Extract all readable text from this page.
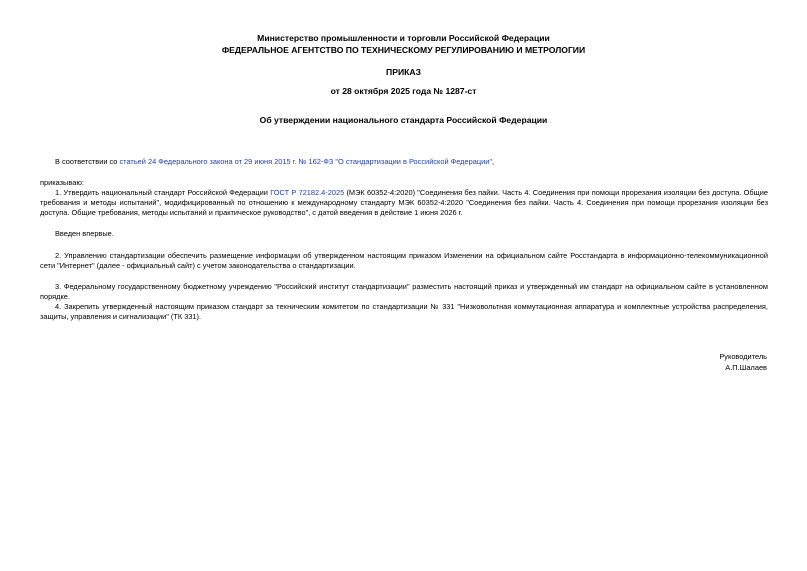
Министерство промышленности и торговли Российской Федерации
ФЕДЕРАЛЬНОЕ АГЕНТСТВО ПО ТЕХНИЧЕСКОМУ РЕГУЛИРОВАНИЮ И МЕТРОЛОГИИ
ПРИКАЗ
от 28 октября 2025 года № 1287-ст
Об утверждении национального стандарта Российской Федерации
В соответствии со статьей 24 Федерального закона от 29 июня 2015 г. № 162-ФЗ "О стандартизации в Российской Федерации",
приказываю:
1. Утвердить национальный стандарт Российской Федерации ГОСТ Р 72182.4-2025 (МЭК 60352-4:2020) "Соединения без пайки. Часть 4. Соединения при помощи прорезания изоляции без доступа. Общие требования и методы испытаний", модифицированный по отношению к международному стандарту МЭК 60352-4:2020 "Соединения без пайки. Часть 4. Соединения при помощи прорезания изоляции без доступа. Общие требования, методы испытаний и практическое руководство", с датой введения в действие 1 июня 2026 г.
Введен впервые.
2. Управлению стандартизации обеспечить размещение информации об утвержденном настоящим приказом Изменении на официальном сайте Росстандарта в информационно-телекоммуникационной сети "Интернет" (далее - официальный сайт) с учетом законодательства о стандартизации.
3. Федеральному государственному бюджетному учреждению "Российский институт стандартизации" разместить настоящий приказ и утвержденный им стандарт на официальном сайте в установленном порядке.
4. Закрепить утвержденный настоящим приказом стандарт за техническим комитетом по стандартизации № 331 "Низковольтная коммутационная аппаратура и комплектные устройства распределения, защиты, управления и сигнализации" (ТК 331).
Руководитель
А.П.Шалаев
